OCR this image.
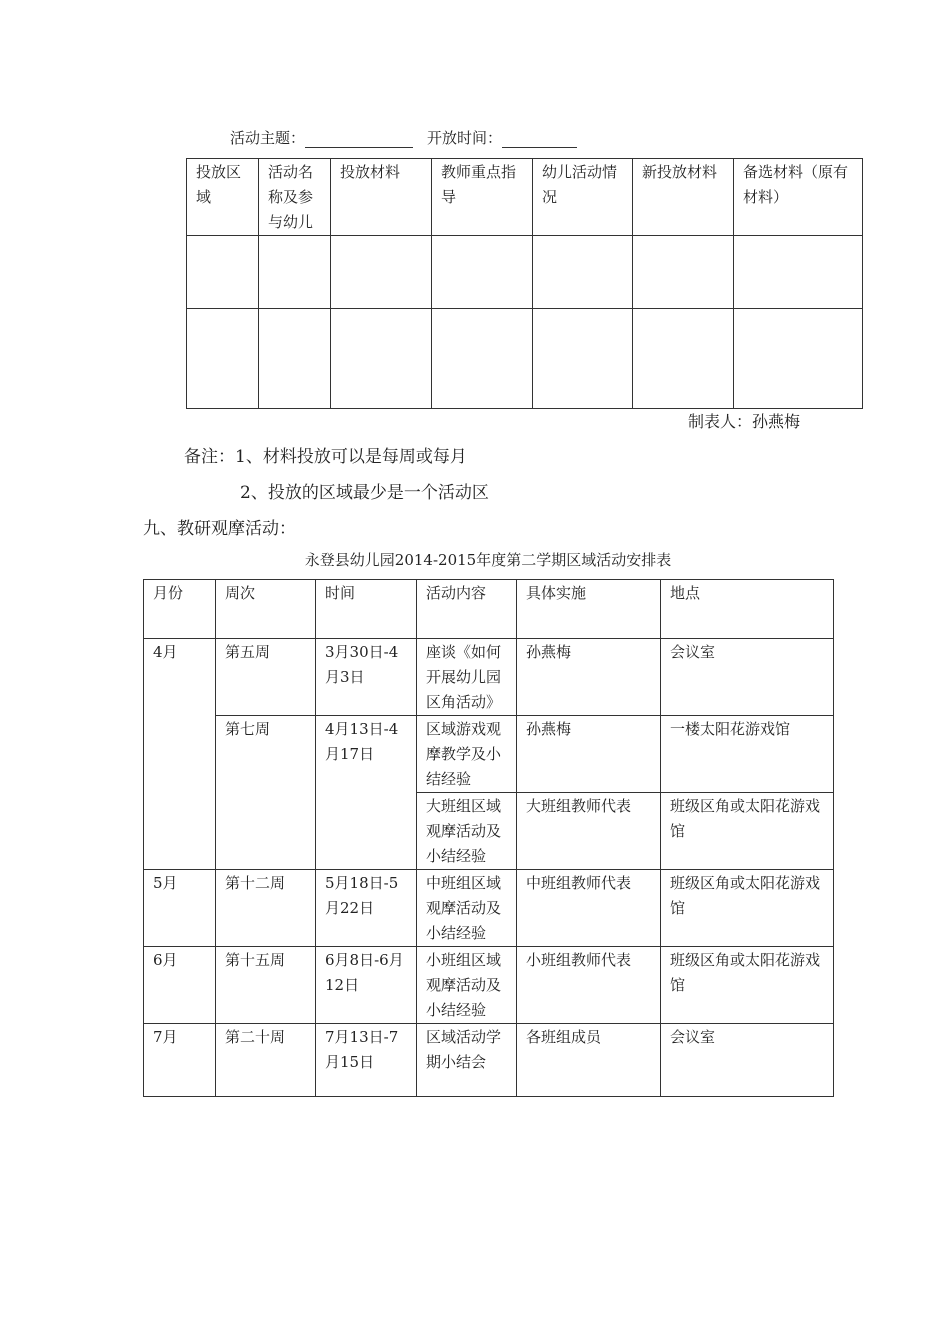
活动主题：	开放时间：
投放区域	活动名称及参与幼儿	投放材料	教师重点指导	幼儿活动情况	新投放材料	备选材料（原有材料）

制表人：孙燕梅
备注：1、材料投放可以是每周或每月
2、投放的区域最少是一个活动区
九、教研观摩活动：
永登县幼儿园2014-2015年度第二学期区域活动安排表
月份	周次	时间	活动内容	具体实施	地点
4月	第五周	3月30日-4月3日	座谈《如何开展幼儿园区角活动》	孙燕梅	会议室
	第七周	4月13日-4月17日	区域游戏观摩教学及小结经验	孙燕梅	一楼太阳花游戏馆
			大班组区域观摩活动及小结经验	大班组教师代表	班级区角或太阳花游戏馆
5月	第十二周	5月18日-5月22日	中班组区域观摩活动及小结经验	中班组教师代表	班级区角或太阳花游戏馆
6月	第十五周	6月8日-6月12日	小班组区域观摩活动及小结经验	小班组教师代表	班级区角或太阳花游戏馆
7月	第二十周	7月13日-7月15日	区域活动学期小结会	各班组成员	会议室
